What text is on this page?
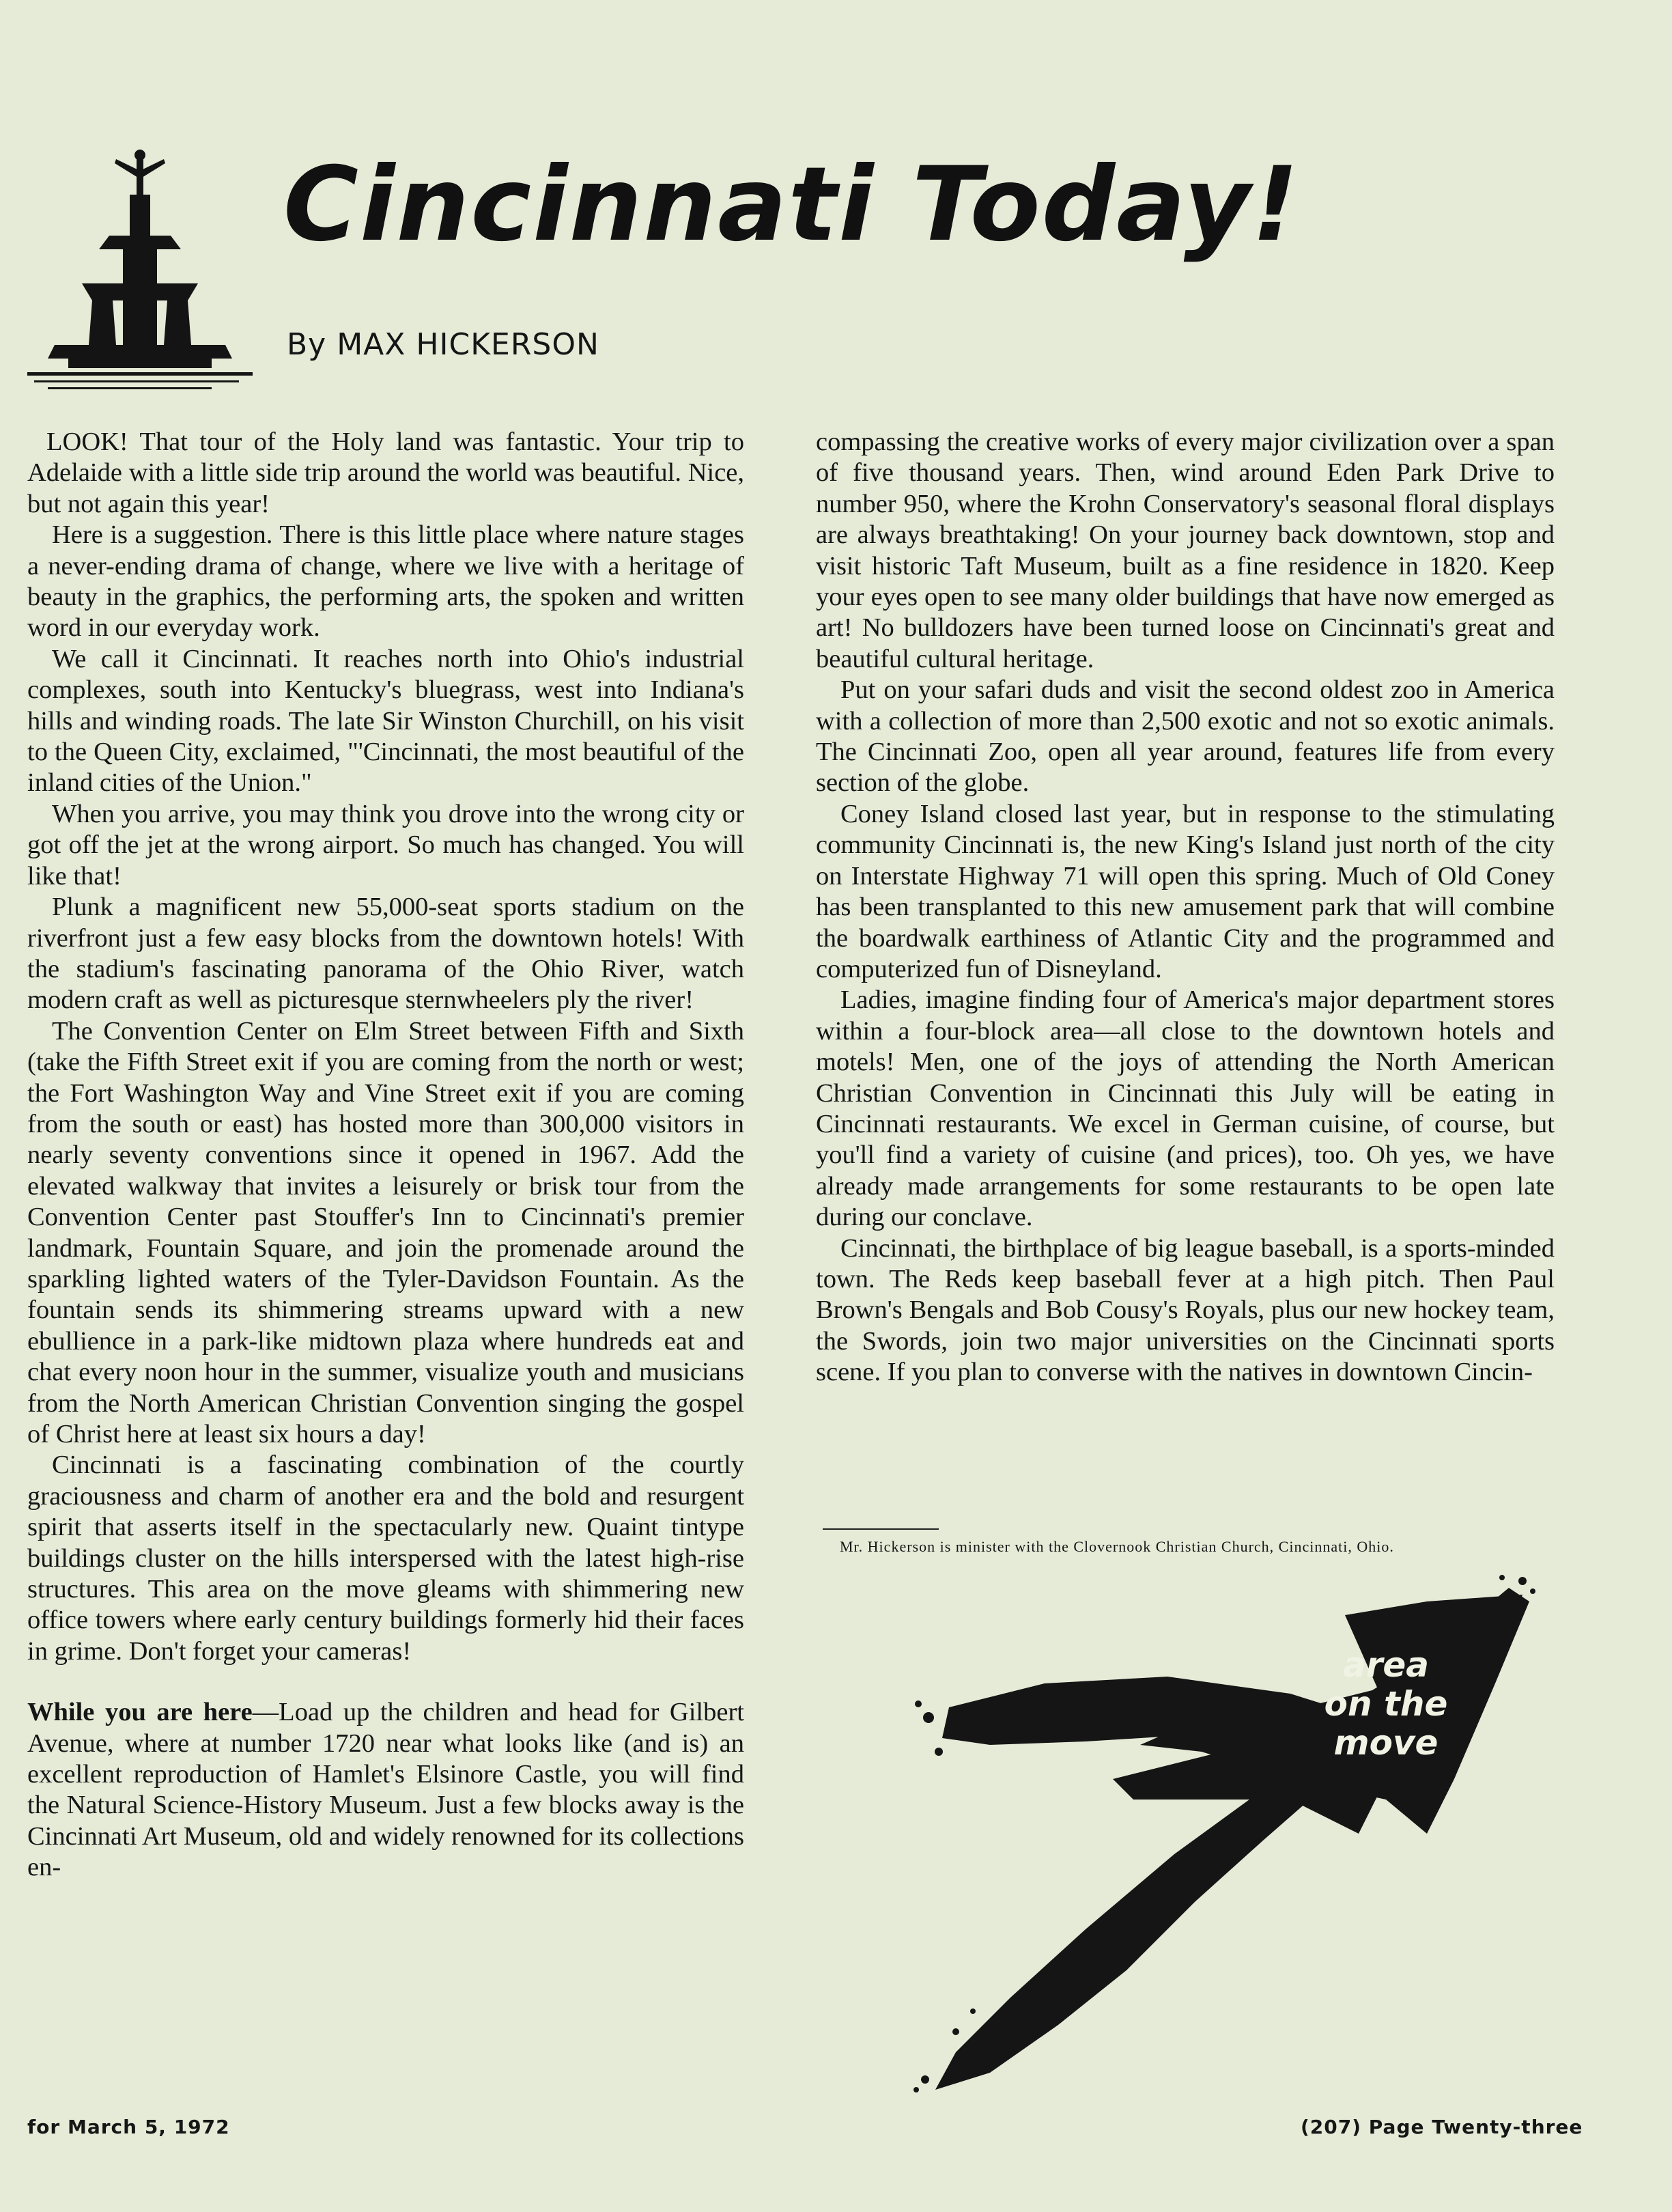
Cincinnati Today!
By MAX HICKERSON

LOOK! That tour of the Holy land was fantastic. Your trip to Adelaide with a little side trip around the world was beautiful. Nice, but not again this year!

Here is a suggestion. There is this little place where nature stages a never-ending drama of change, where we live with a heritage of beauty in the graphics, the performing arts, the spoken and written word in our everyday work.

We call it Cincinnati. It reaches north into Ohio's industrial complexes, south into Kentucky's bluegrass, west into Indiana's hills and winding roads. The late Sir Winston Churchill, on his visit to the Queen City, exclaimed, "'Cincinnati, the most beautiful of the inland cities of the Union."

When you arrive, you may think you drove into the wrong city or got off the jet at the wrong airport. So much has changed. You will like that!

Plunk a magnificent new 55,000-seat sports stadium on the riverfront just a few easy blocks from the downtown hotels! With the stadium's fascinating panorama of the Ohio River, watch modern craft as well as picturesque sternwheelers ply the river!

The Convention Center on Elm Street between Fifth and Sixth (take the Fifth Street exit if you are coming from the north or west; the Fort Washington Way and Vine Street exit if you are coming from the south or east) has hosted more than 300,000 visitors in nearly seventy conventions since it opened in 1967. Add the elevated walkway that invites a leisurely or brisk tour from the Convention Center past Stouffer's Inn to Cincinnati's premier landmark, Fountain Square, and join the promenade around the sparkling lighted waters of the Tyler-Davidson Fountain. As the fountain sends its shimmering streams upward with a new ebullience in a park-like midtown plaza where hundreds eat and chat every noon hour in the summer, visualize youth and musicians from the North American Christian Convention singing the gospel of Christ here at least six hours a day!

Cincinnati is a fascinating combination of the courtly graciousness and charm of another era and the bold and resurgent spirit that asserts itself in the spectacularly new. Quaint tintype buildings cluster on the hills interspersed with the latest high-rise structures. This area on the move gleams with shimmering new office towers where early century buildings formerly hid their faces in grime. Don't forget your cameras!

While you are here—Load up the children and head for Gilbert Avenue, where at number 1720 near what looks like (and is) an excellent reproduction of Hamlet's Elsinore Castle, you will find the Natural Science-History Museum. Just a few blocks away is the Cincinnati Art Museum, old and widely renowned for its collections en-

compassing the creative works of every major civilization over a span of five thousand years. Then, wind around Eden Park Drive to number 950, where the Krohn Conservatory's seasonal floral displays are always breathtaking! On your journey back downtown, stop and visit historic Taft Museum, built as a fine residence in 1820. Keep your eyes open to see many older buildings that have now emerged as art! No bulldozers have been turned loose on Cincinnati's great and beautiful cultural heritage.

Put on your safari duds and visit the second oldest zoo in America with a collection of more than 2,500 exotic and not so exotic animals. The Cincinnati Zoo, open all year around, features life from every section of the globe.

Coney Island closed last year, but in response to the stimulating community Cincinnati is, the new King's Island just north of the city on Interstate Highway 71 will open this spring. Much of Old Coney has been transplanted to this new amusement park that will combine the boardwalk earthiness of Atlantic City and the programmed and computerized fun of Disneyland.

Ladies, imagine finding four of America's major department stores within a four-block area—all close to the downtown hotels and motels! Men, one of the joys of attending the North American Christian Convention in Cincinnati this July will be eating in Cincinnati restaurants. We excel in German cuisine, of course, but you'll find a variety of cuisine (and prices), too. Oh yes, we have already made arrangements for some restaurants to be open late during our conclave.

Cincinnati, the birthplace of big league baseball, is a sports-minded town. The Reds keep baseball fever at a high pitch. Then Paul Brown's Bengals and Bob Cousy's Royals, plus our new hockey team, the Swords, join two major universities on the Cincinnati sports scene. If you plan to converse with the natives in downtown Cincin-

Mr. Hickerson is minister with the Clovernook Christian Church, Cincinnati, Ohio.
area
on the
move
for March 5, 1972	(207) Page Twenty-three
